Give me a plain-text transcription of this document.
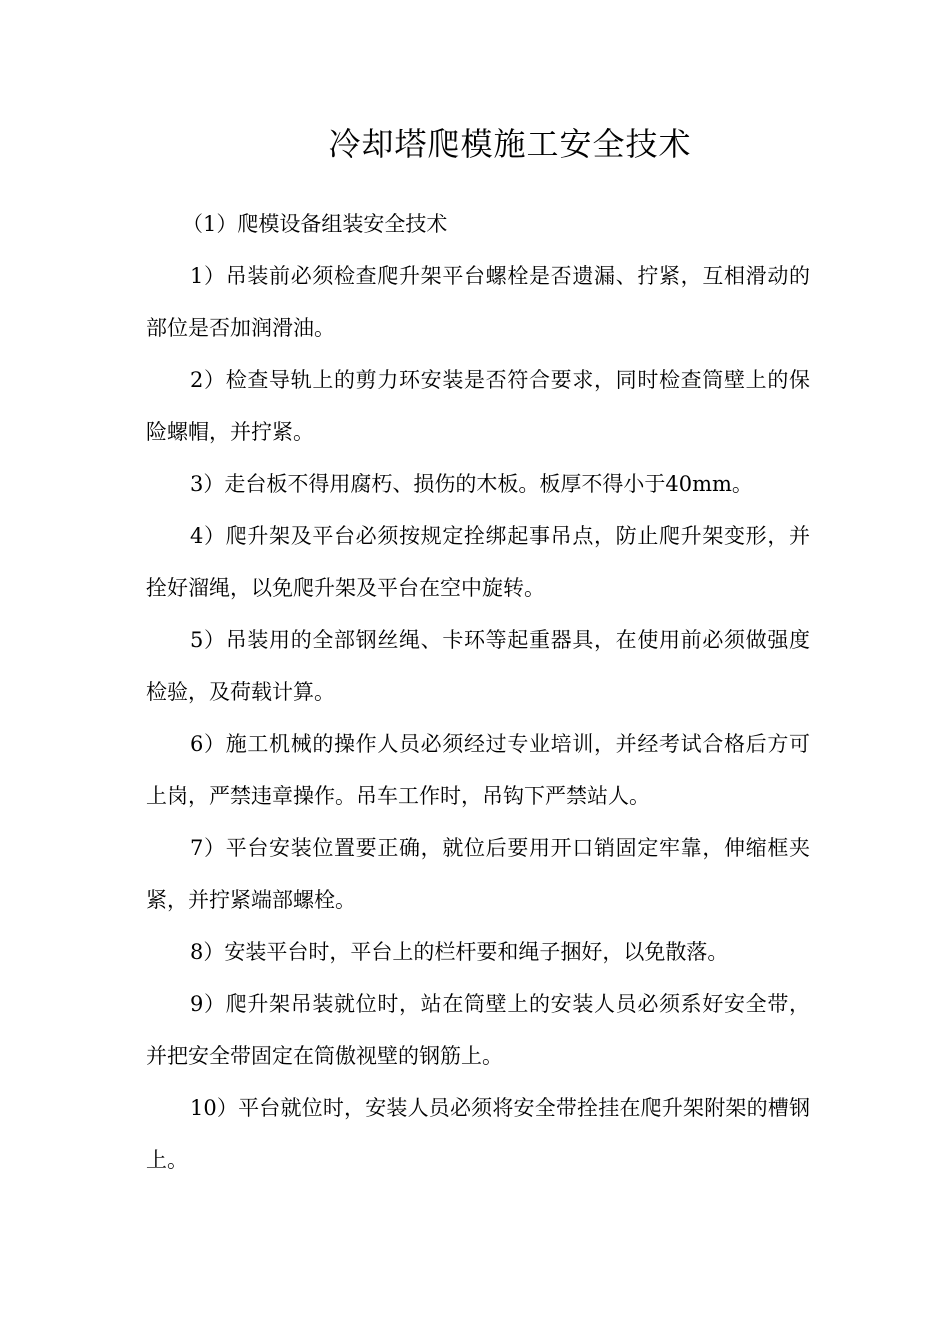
冷却塔爬模施工安全技术

（1）爬模设备组装安全技术

1）吊装前必须检查爬升架平台螺栓是否遗漏、拧紧，互相滑动的部位是否加润滑油。

2）检查导轨上的剪力环安装是否符合要求，同时检查筒壁上的保险螺帽，并拧紧。

3）走台板不得用腐朽、损伤的木板。板厚不得小于40mm。

4）爬升架及平台必须按规定拴绑起事吊点，防止爬升架变形，并拴好溜绳，以免爬升架及平台在空中旋转。

5）吊装用的全部钢丝绳、卡环等起重器具，在使用前必须做强度检验，及荷载计算。

6）施工机械的操作人员必须经过专业培训，并经考试合格后方可上岗，严禁违章操作。吊车工作时，吊钩下严禁站人。

7）平台安装位置要正确，就位后要用开口销固定牢靠，伸缩框夹紧，并拧紧端部螺栓。

8）安装平台时，平台上的栏杆要和绳子捆好，以免散落。

9）爬升架吊装就位时，站在筒壁上的安装人员必须系好安全带，并把安全带固定在筒傲视壁的钢筋上。

10）平台就位时，安装人员必须将安全带拴挂在爬升架附架的槽钢上。
